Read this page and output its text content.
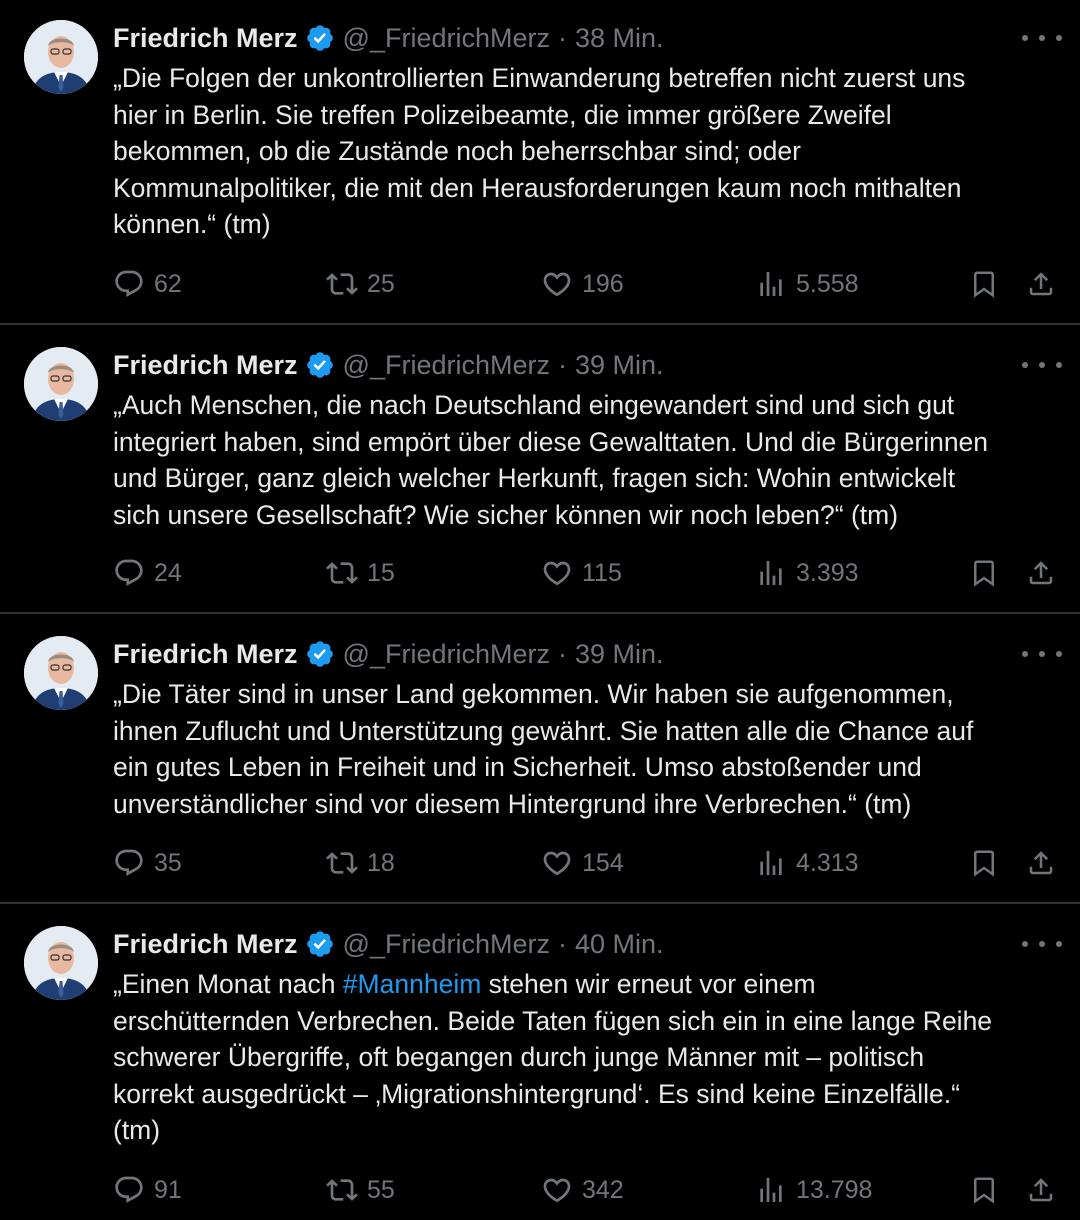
Friedrich Merz @_FriedrichMerz · 38 Min.
„Die Folgen der unkontrollierten Einwanderung betreffen nicht zuerst uns
hier in Berlin. Sie treffen Polizeibeamte, die immer größere Zweifel
bekommen, ob die Zustände noch beherrschbar sind; oder
Kommunalpolitiker, die mit den Herausforderungen kaum noch mithalten
können.“ (tm)
62	25	196	5.558
Friedrich Merz @_FriedrichMerz · 39 Min.
„Auch Menschen, die nach Deutschland eingewandert sind und sich gut
integriert haben, sind empört über diese Gewalttaten. Und die Bürgerinnen
und Bürger, ganz gleich welcher Herkunft, fragen sich: Wohin entwickelt
sich unsere Gesellschaft? Wie sicher können wir noch leben?“ (tm)
24	15	115	3.393
Friedrich Merz @_FriedrichMerz · 39 Min.
„Die Täter sind in unser Land gekommen. Wir haben sie aufgenommen,
ihnen Zuflucht und Unterstützung gewährt. Sie hatten alle die Chance auf
ein gutes Leben in Freiheit und in Sicherheit. Umso abstoßender und
unverständlicher sind vor diesem Hintergrund ihre Verbrechen.“ (tm)
35	18	154	4.313
Friedrich Merz @_FriedrichMerz · 40 Min.
„Einen Monat nach #Mannheim stehen wir erneut vor einem
erschütternden Verbrechen. Beide Taten fügen sich ein in eine lange Reihe
schwerer Übergriffe, oft begangen durch junge Männer mit – politisch
korrekt ausgedrückt – ‚Migrationshintergrund‘. Es sind keine Einzelfälle.“
(tm)
91	55	342	13.798
